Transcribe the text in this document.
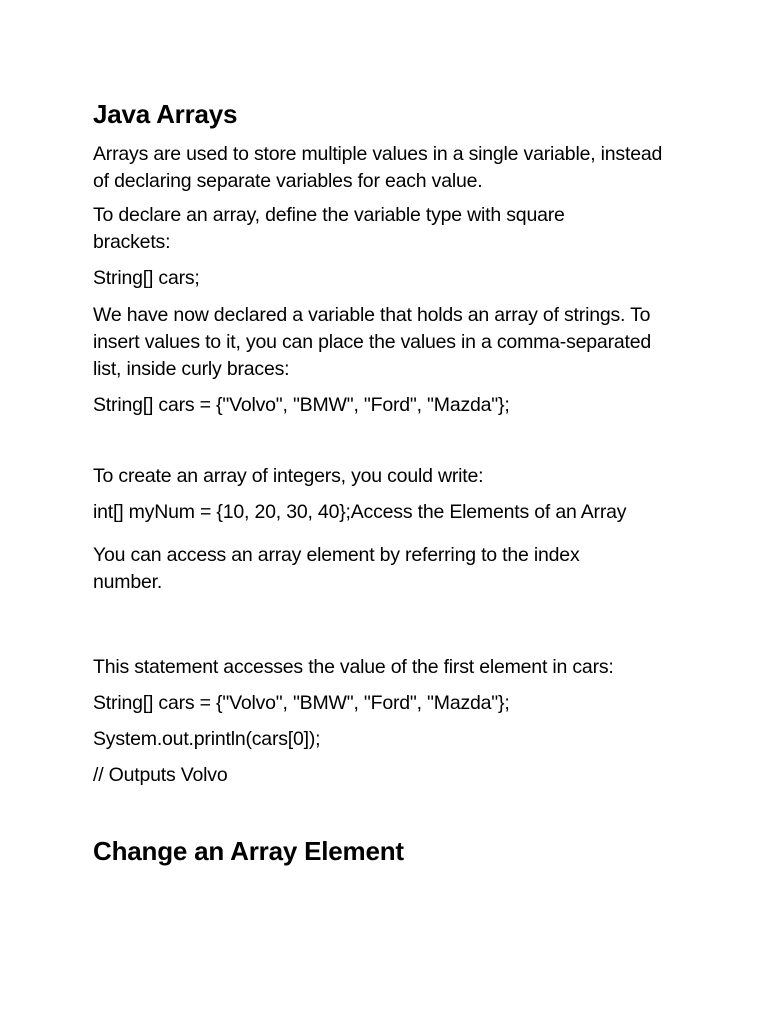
Java Arrays

Arrays are used to store multiple values in a single variable, instead of declaring separate variables for each value.

To declare an array, define the variable type with square brackets:

String[] cars;

We have now declared a variable that holds an array of strings. To insert values to it, you can place the values in a comma-separated list, inside curly braces:

String[] cars = {"Volvo", "BMW", "Ford", "Mazda"};

To create an array of integers, you could write:

int[] myNum = {10, 20, 30, 40};Access the Elements of an Array

You can access an array element by referring to the index number.

This statement accesses the value of the first element in cars:

String[] cars = {"Volvo", "BMW", "Ford", "Mazda"};

System.out.println(cars[0]);

// Outputs Volvo

Change an Array Element
